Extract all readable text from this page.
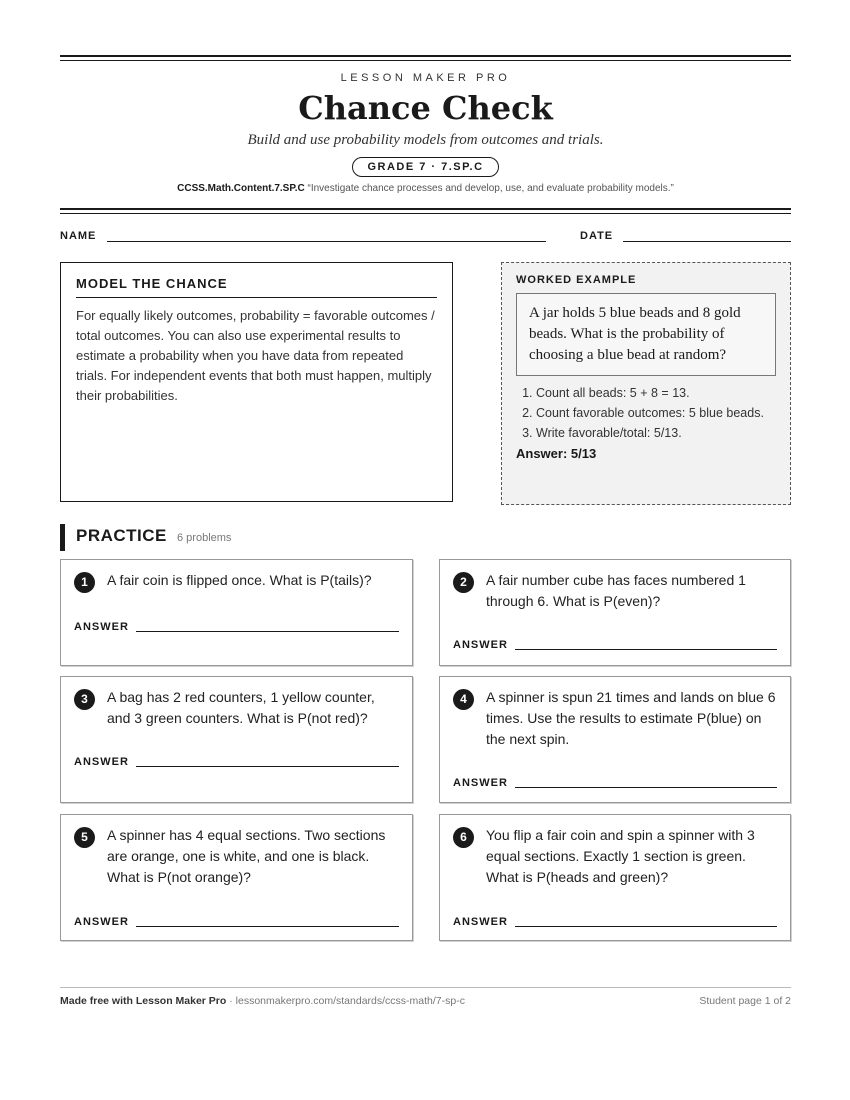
LESSON MAKER PRO
Chance Check
Build and use probability models from outcomes and trials.
GRADE 7 · 7.SP.C
CCSS.Math.Content.7.SP.C “Investigate chance processes and develop, use, and evaluate probability models.”
NAME	DATE
MODEL THE CHANCE

For equally likely outcomes, probability = favorable outcomes / total outcomes. You can also use experimental results to estimate a probability when you have data from repeated trials. For independent events that both must happen, multiply their probabilities.

WORKED EXAMPLE
A jar holds 5 blue beads and 8 gold beads. What is the probability of choosing a blue bead at random?
1. Count all beads: 5 + 8 = 13.
2. Count favorable outcomes: 5 blue beads.
3. Write favorable/total: 5/13.
Answer: 5/13
PRACTICE 6 problems
1	A fair coin is flipped once. What is P(tails)?
ANSWER
2	A fair number cube has faces numbered 1 through 6. What is P(even)?
ANSWER
3	A bag has 2 red counters, 1 yellow counter, and 3 green counters. What is P(not red)?
ANSWER
4	A spinner is spun 21 times and lands on blue 6 times. Use the results to estimate P(blue) on the next spin.
ANSWER
5	A spinner has 4 equal sections. Two sections are orange, one is white, and one is black. What is P(not orange)?
ANSWER
6	You flip a fair coin and spin a spinner with 3 equal sections. Exactly 1 section is green. What is P(heads and green)?
ANSWER
Made free with Lesson Maker Pro · lessonmakerpro.com/standards/ccss-math/7-sp-c	Student page 1 of 2
